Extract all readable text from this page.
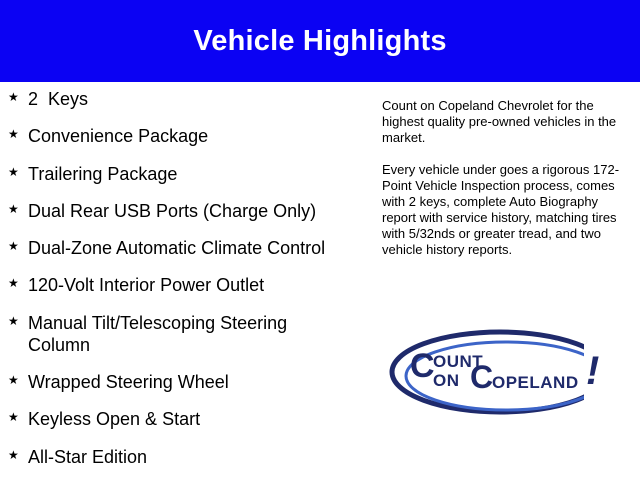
Vehicle Highlights
★ 2  Keys
★ Convenience Package
★ Trailering Package
★ Dual Rear USB Ports (Charge Only)
★ Dual-Zone Automatic Climate Control
★ 120-Volt Interior Power Outlet
★ Manual Tilt/Telescoping Steering Column
★ Wrapped Steering Wheel
★ Keyless Open & Start
★ All-Star Edition

Count on Copeland Chevrolet for the highest quality pre-owned vehicles in the market.

Every vehicle under goes a rigorous 172-Point Vehicle Inspection process, comes with 2 keys, complete Auto Biography report with service history, matching tires with 5/32nds or greater tread, and two vehicle history reports.

C
OUNT
ON C
OPELAND !
